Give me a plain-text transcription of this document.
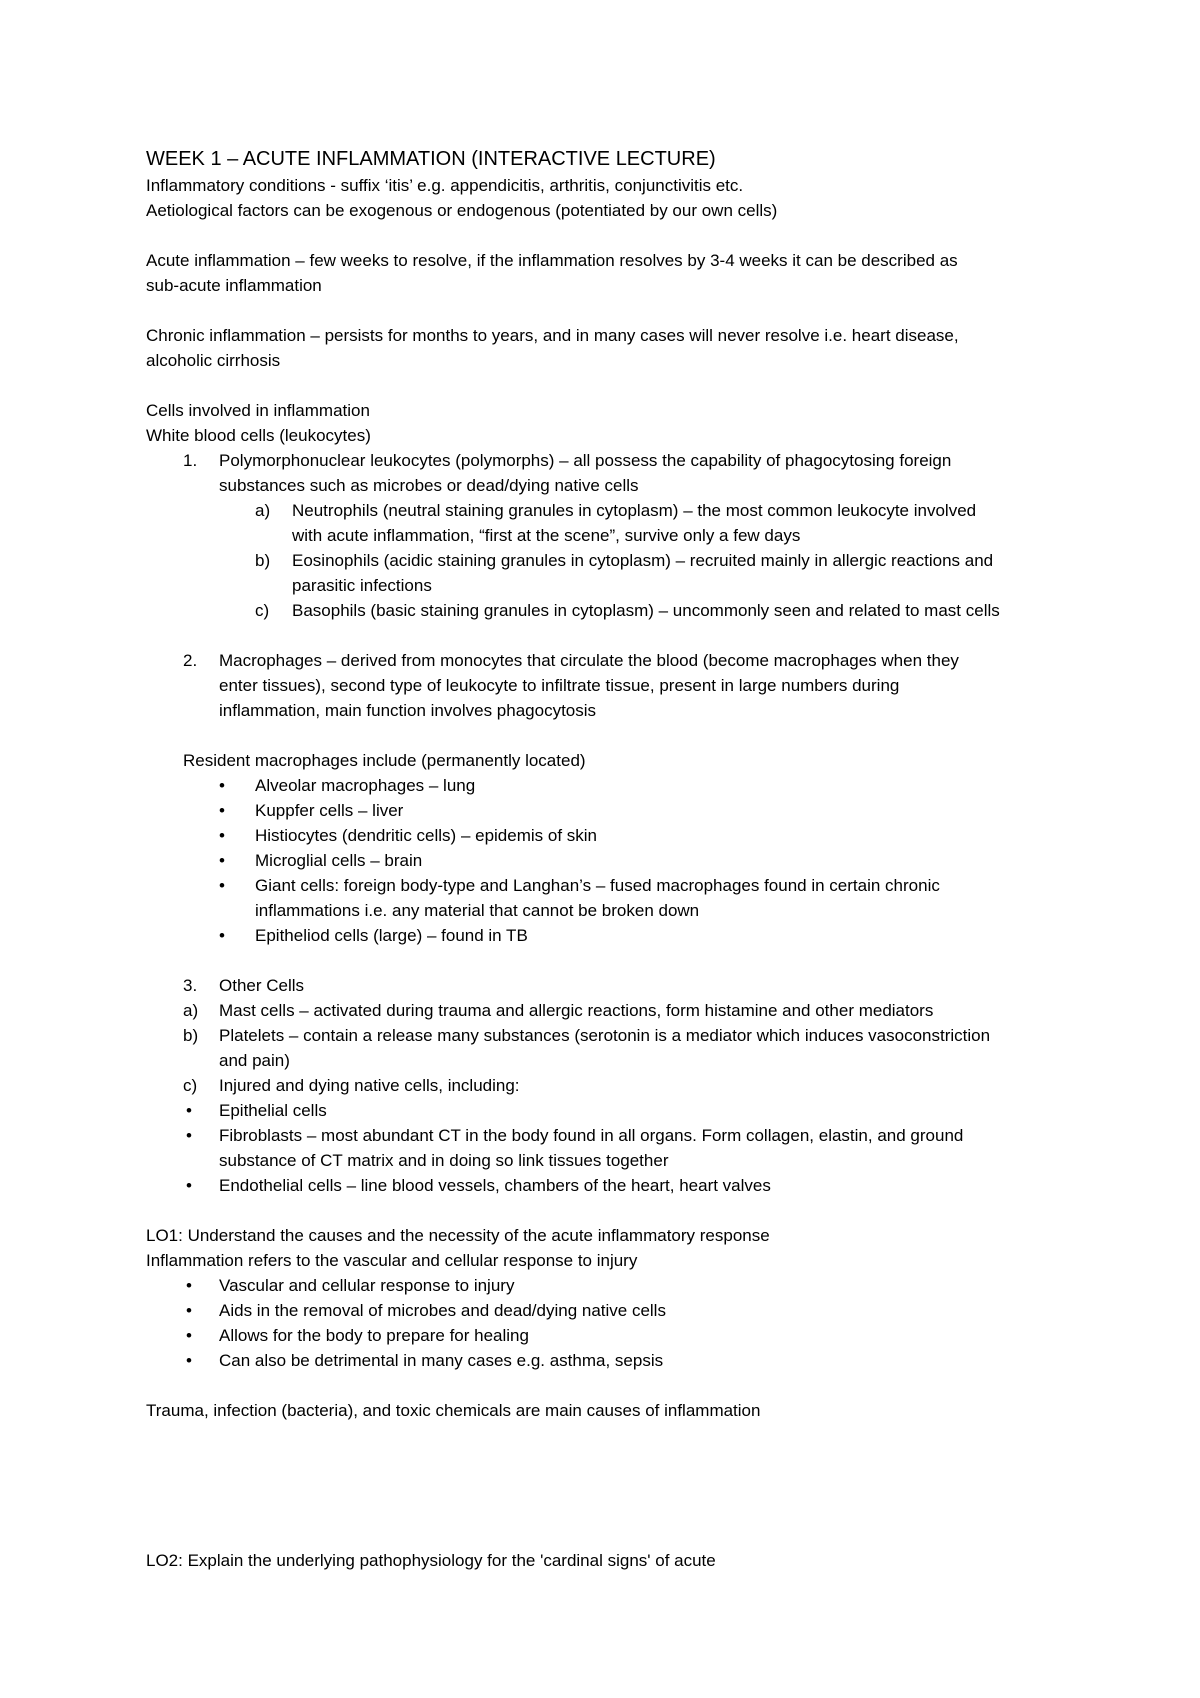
WEEK 1 – ACUTE INFLAMMATION (INTERACTIVE LECTURE)
Inflammatory conditions - suffix ‘itis’ e.g. appendicitis, arthritis, conjunctivitis etc.
Aetiological factors can be exogenous or endogenous (potentiated by our own cells)
Acute inflammation – few weeks to resolve, if the inflammation resolves by 3-4 weeks it can be described as
sub-acute inflammation
Chronic inflammation – persists for months to years, and in many cases will never resolve i.e. heart disease,
alcoholic cirrhosis
Cells involved in inflammation
White blood cells (leukocytes)
1. Polymorphonuclear leukocytes (polymorphs) – all possess the capability of phagocytosing foreign
substances such as microbes or dead/dying native cells
a) Neutrophils (neutral staining granules in cytoplasm) – the most common leukocyte involved
with acute inflammation, “first at the scene”, survive only a few days
b) Eosinophils (acidic staining granules in cytoplasm) – recruited mainly in allergic reactions and
parasitic infections
c) Basophils (basic staining granules in cytoplasm) – uncommonly seen and related to mast cells
2. Macrophages – derived from monocytes that circulate the blood (become macrophages when they
enter tissues), second type of leukocyte to infiltrate tissue, present in large numbers during
inflammation, main function involves phagocytosis
Resident macrophages include (permanently located)
•
Alveolar macrophages – lung
•
Kuppfer cells – liver
•
Histiocytes (dendritic cells) – epidemis of skin
•
Microglial cells – brain
•
Giant cells: foreign body-type and Langhan’s – fused macrophages found in certain chronic
inflammations i.e. any material that cannot be broken down
•
Epitheliod cells (large) – found in TB
3. Other Cells
a) Mast cells – activated during trauma and allergic reactions, form histamine and other mediators
b) Platelets – contain a release many substances (serotonin is a mediator which induces vasoconstriction
and pain)
c) Injured and dying native cells, including:
•
Epithelial cells
•
Fibroblasts – most abundant CT in the body found in all organs. Form collagen, elastin, and ground
substance of CT matrix and in doing so link tissues together
•
Endothelial cells – line blood vessels, chambers of the heart, heart valves
LO1: Understand the causes and the necessity of the acute inflammatory response
Inflammation refers to the vascular and cellular response to injury
•
Vascular and cellular response to injury
•
Aids in the removal of microbes and dead/dying native cells
•
Allows for the body to prepare for healing
•
Can also be detrimental in many cases e.g. asthma, sepsis
Trauma, infection (bacteria), and toxic chemicals are main causes of inflammation
LO2: Explain the underlying pathophysiology for the 'cardinal signs' of acute
